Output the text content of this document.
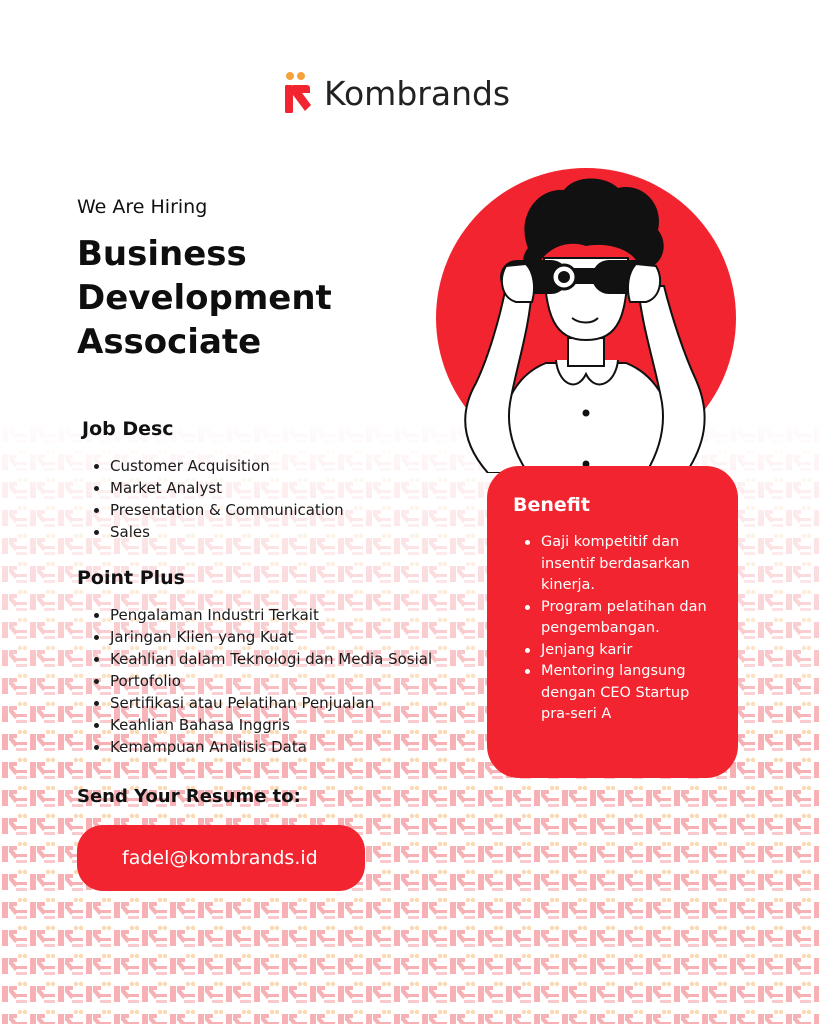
Kombrands
We Are Hiring
Business
Development
Associate
Job Desc
Customer Acquisition
Market Analyst
Presentation & Communication
Sales
Point Plus
Pengalaman Industri Terkait
Jaringan Klien yang Kuat
Keahlian dalam Teknologi dan Media Sosial
Portofolio
Sertifikasi atau Pelatihan Penjualan
Keahlian Bahasa Inggris
Kemampuan Analisis Data
Benefit
Gaji kompetitif dan insentif berdasarkan kinerja.
Program pelatihan dan pengembangan.
Jenjang karir
Mentoring langsung dengan CEO Startup pra-seri A
Send Your Resume to:
fadel@kombrands.id
